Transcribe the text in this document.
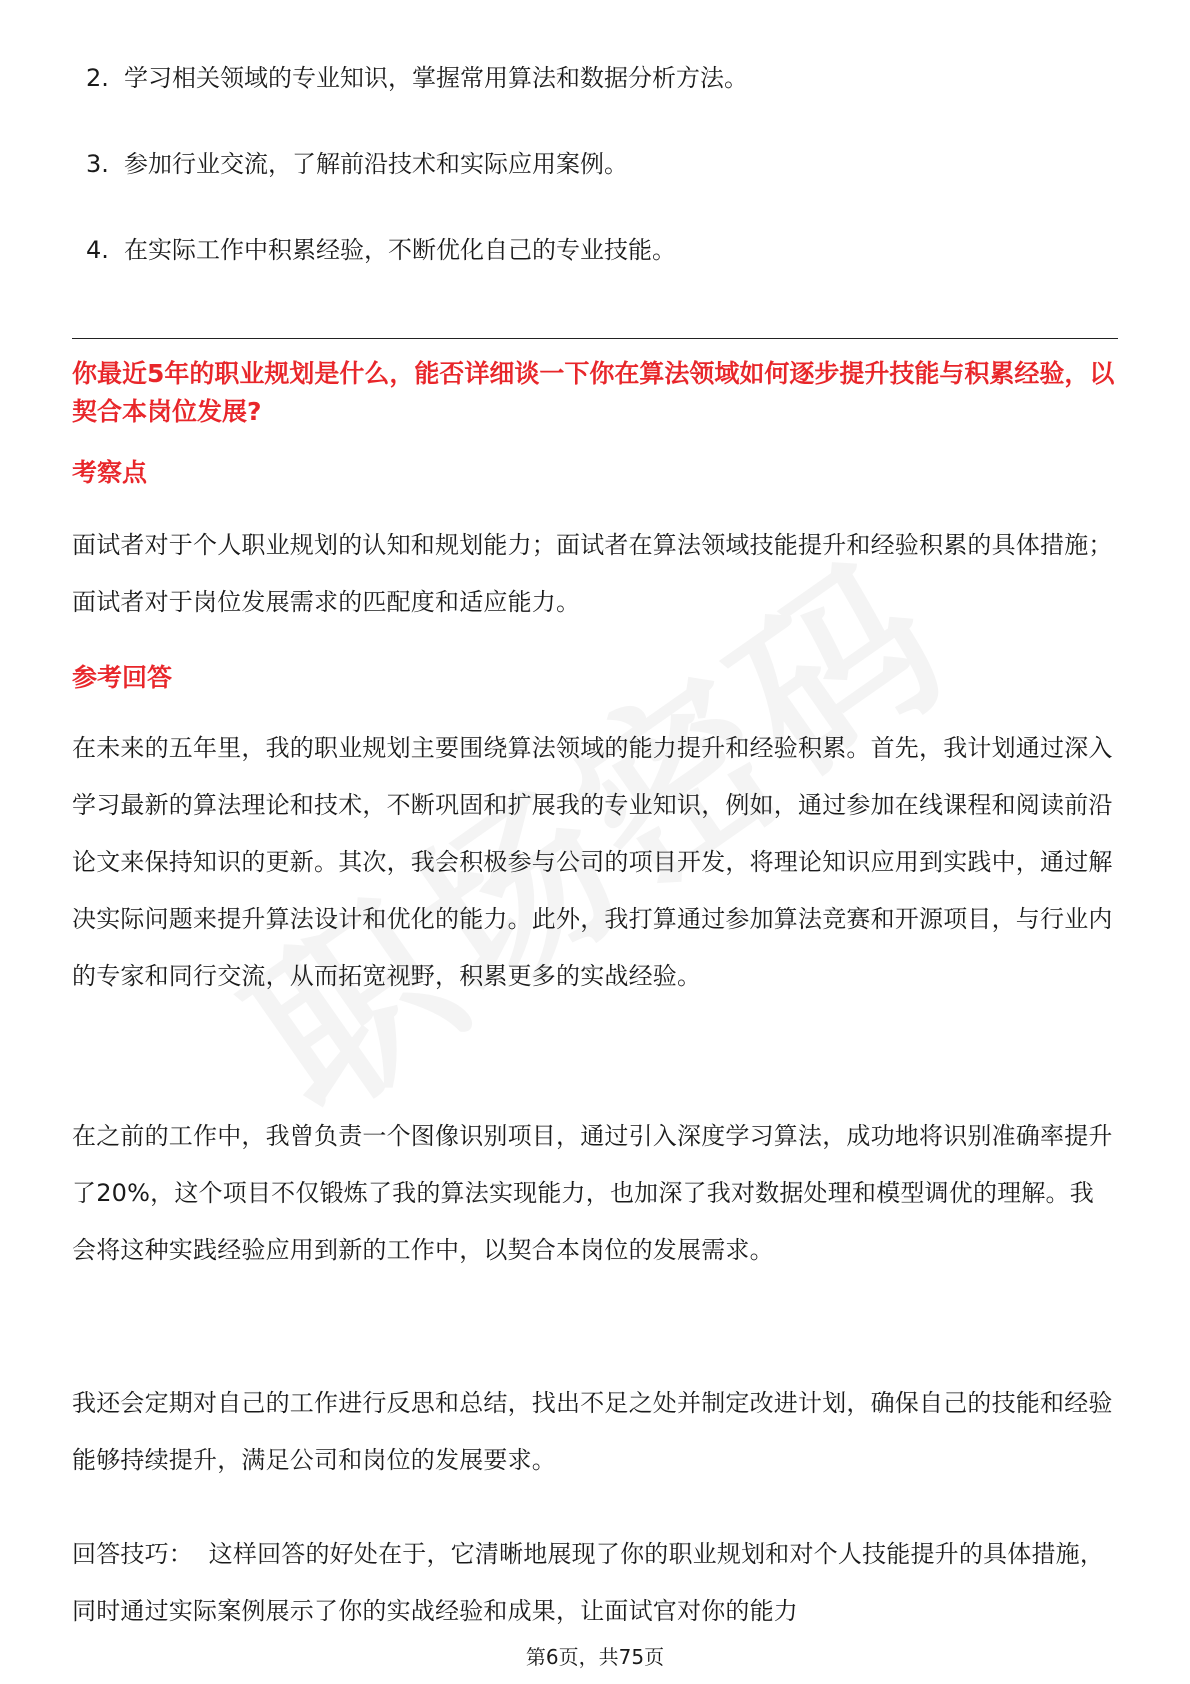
2. 学习相关领域的专业知识，掌握常用算法和数据分析方法。
3. 参加行业交流，了解前沿技术和实际应用案例。
4. 在实际工作中积累经验，不断优化自己的专业技能。
你最近5年的职业规划是什么，能否详细谈一下你在算法领域如何逐步提升技能与积累经验，以契合本岗位发展?
考察点
面试者对于个人职业规划的认知和规划能力；面试者在算法领域技能提升和经验积累的具体措施；面试者对于岗位发展需求的匹配度和适应能力。
参考回答
在未来的五年里，我的职业规划主要围绕算法领域的能力提升和经验积累。首先，我计划通过深入学习最新的算法理论和技术，不断巩固和扩展我的专业知识，例如，通过参加在线课程和阅读前沿论文来保持知识的更新。其次，我会积极参与公司的项目开发，将理论知识应用到实践中，通过解决实际问题来提升算法设计和优化的能力。此外，我打算通过参加算法竞赛和开源项目，与行业内的专家和同行交流，从而拓宽视野，积累更多的实战经验。
在之前的工作中，我曾负责一个图像识别项目，通过引入深度学习算法，成功地将识别准确率提升了20%，这个项目不仅锻炼了我的算法实现能力，也加深了我对数据处理和模型调优的理解。我会将这种实践经验应用到新的工作中，以契合本岗位的发展需求。
我还会定期对自己的工作进行反思和总结，找出不足之处并制定改进计划，确保自己的技能和经验能够持续提升，满足公司和岗位的发展要求。
回答技巧： 这样回答的好处在于，它清晰地展现了你的职业规划和对个人技能提升的具体措施，同时通过实际案例展示了你的实战经验和成果，让面试官对你的能力
第6页，共75页
